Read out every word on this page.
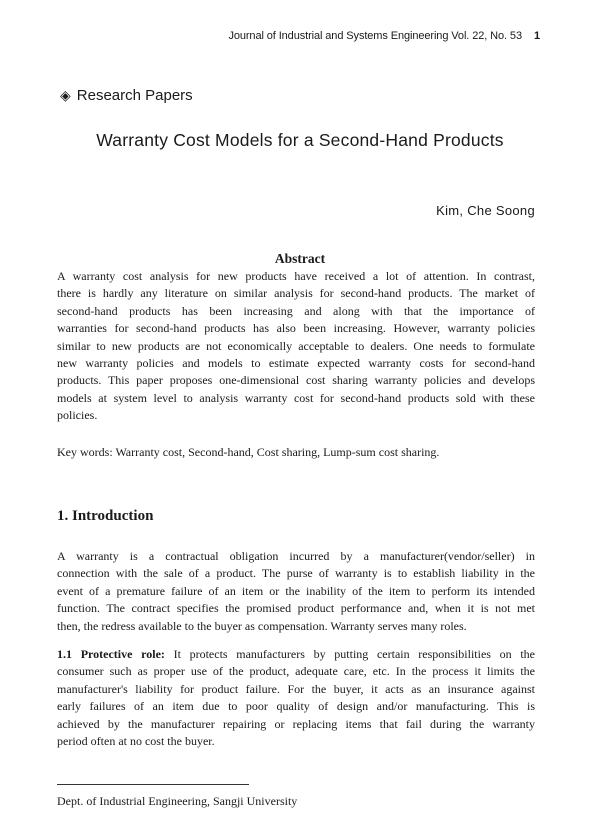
Journal of Industrial and Systems Engineering Vol. 22, No. 53 1
◈ Research Papers
Warranty Cost Models for a Second-Hand Products
Kim, Che Soong
Abstract
A warranty cost analysis for new products have received a lot of attention. In contrast,
there is hardly any literature on similar analysis for second-hand products. The market of
second-hand products has been increasing and along with that the importance of
warranties for second-hand products has also been increasing. However, warranty policies
similar to new products are not economically acceptable to dealers. One needs to formulate
new warranty policies and models to estimate expected warranty costs for second-hand
products. This paper proposes one-dimensional cost sharing warranty policies and develops
models at system level to analysis warranty cost for second-hand products sold with these
policies.
Key words: Warranty cost, Second-hand, Cost sharing, Lump-sum cost sharing.
1. Introduction
A warranty is a contractual obligation incurred by a manufacturer(vendor/seller) in
connection with the sale of a product. The purse of warranty is to establish liability in the
event of a premature failure of an item or the inability of the item to perform its intended
function. The contract specifies the promised product performance and, when it is not met
then, the redress available to the buyer as compensation. Warranty serves many roles.
1.1 Protective role: It protects manufacturers by putting certain responsibilities on the
consumer such as proper use of the product, adequate care, etc. In the process it limits the
manufacturer's liability for product failure. For the buyer, it acts as an insurance against
early failures of an item due to poor quality of design and/or manufacturing. This is
achieved by the manufacturer repairing or replacing items that fail during the warranty
period often at no cost the buyer.
Dept. of Industrial Engineering, Sangji University
